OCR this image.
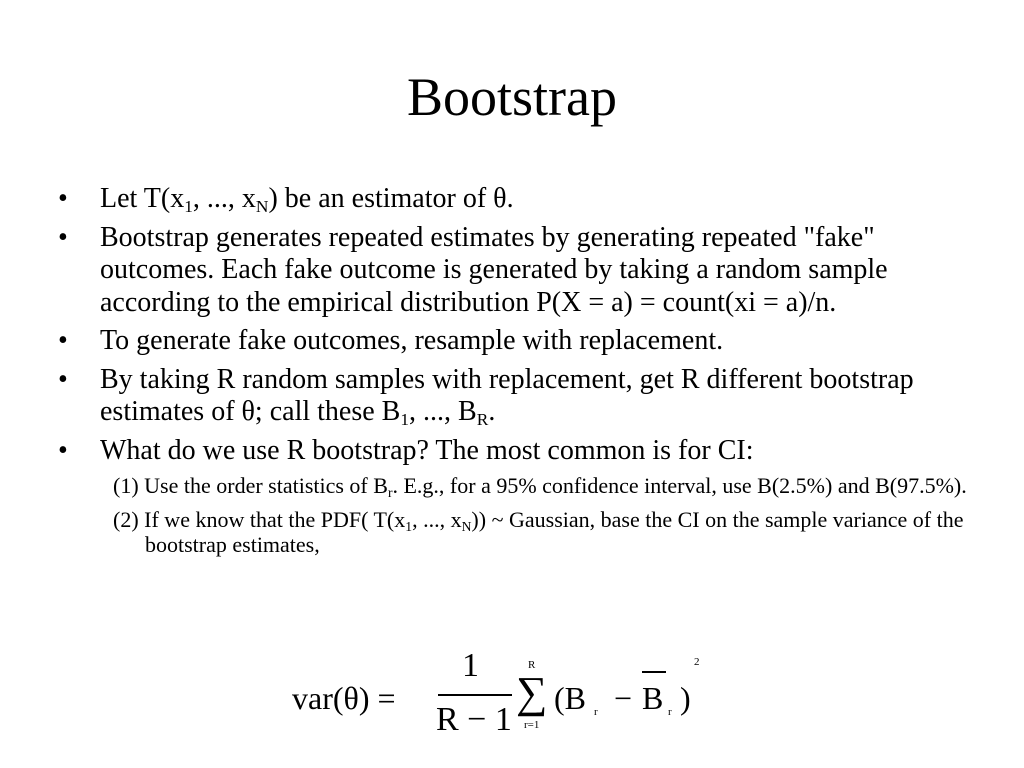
Bootstrap
• Let $T(x_1$, ..., $x_N$) be an estimator of θ.
• Bootstrap generates repeated estimates by generating repeated "fake" outcomes. Each fake outcome is generated by taking a random sample according to the empirical distribution P(X = a) = count(xi = a)/n.
• To generate fake outcomes, resample with replacement.
• By taking R random samples with replacement, get R different bootstrap estimates of θ; call these $B_1$, ..., $B_R$.
• What do we use R bootstrap? The most common is for CI:
(1) Use the order statistics of $B_r$. E.g., for a 95% confidence interval, use B(2.5%) and B(97.5%).
(2) If we know that the PDF( $T(x_1$, ..., $x_N$)) ~ Gaussian, base the CI on the sample variance of the bootstrap estimates,
var(θ) =
1
R − 1
∑
R
r=1
(B r − B r )
2
